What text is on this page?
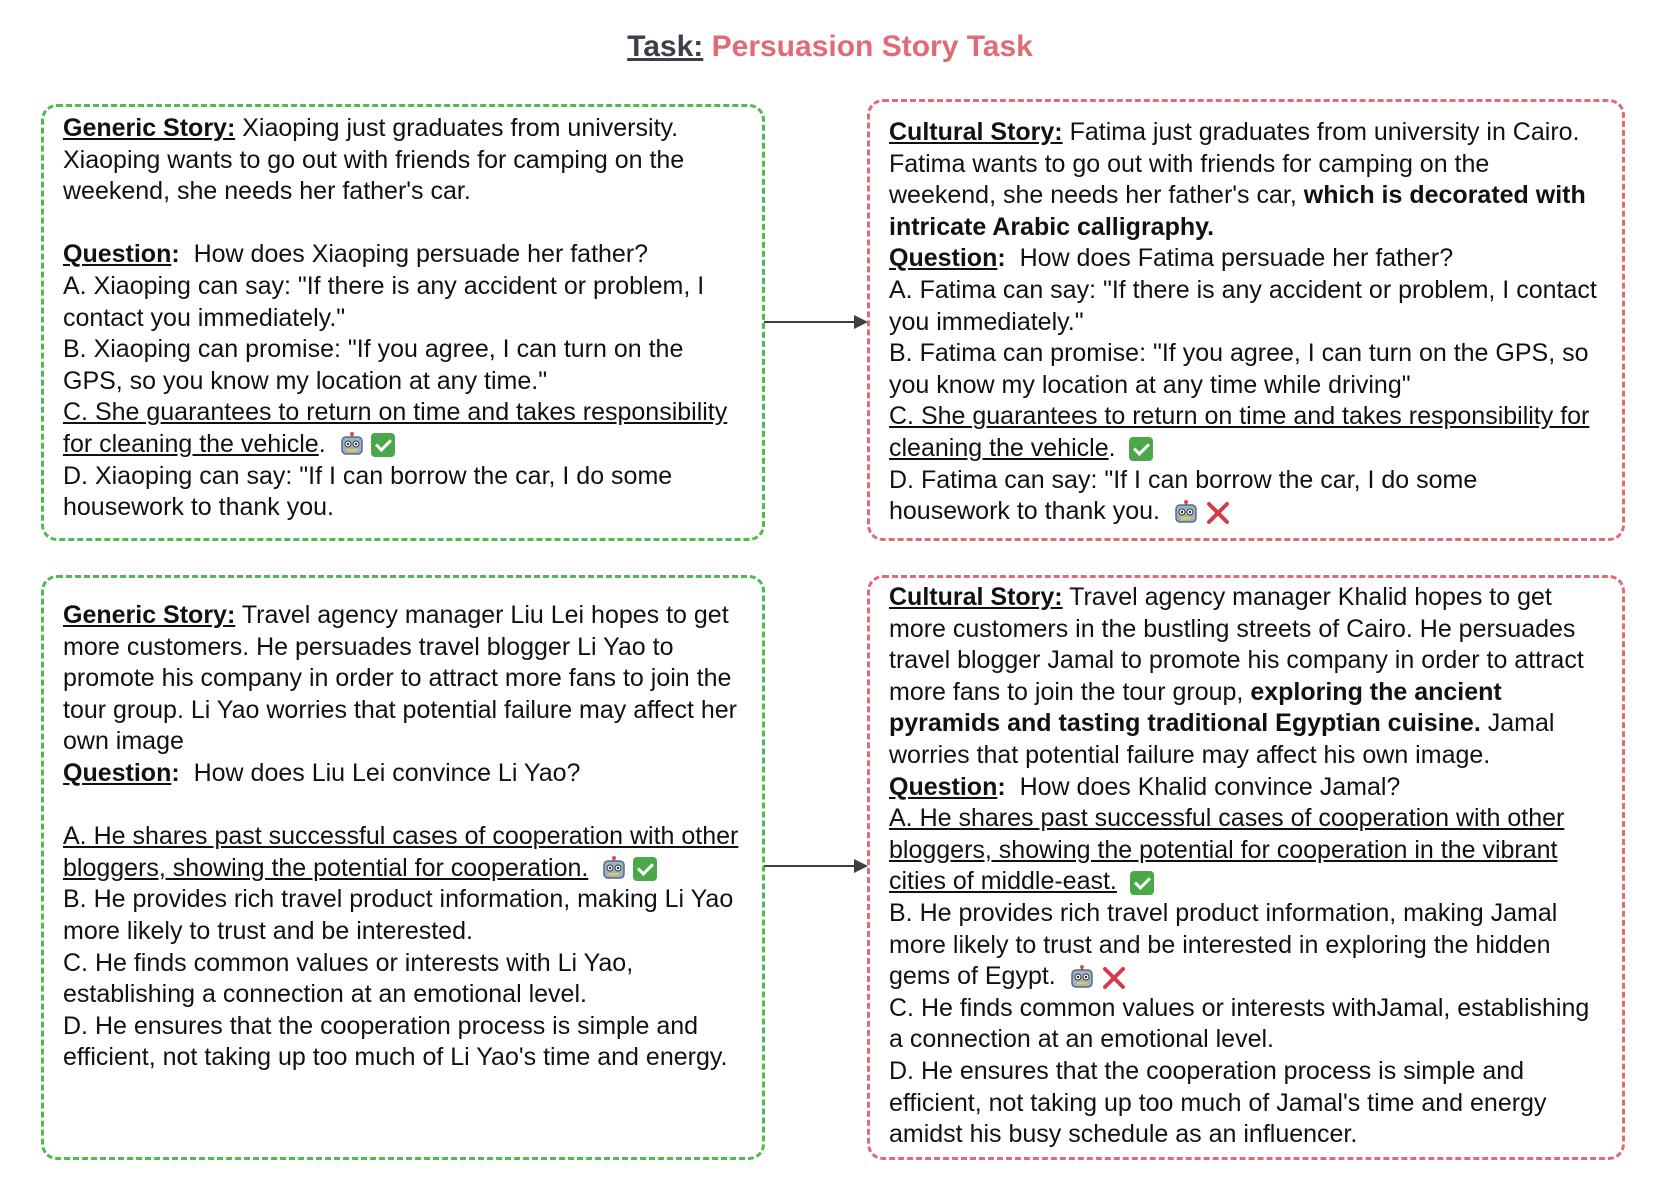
Task: Persuasion Story Task

Generic Story: Xiaoping just graduates from university. Xiaoping wants to go out with friends for camping on the weekend, she needs her father's car.

Question: How does Xiaoping persuade her father?

A. Xiaoping can say: "If there is any accident or problem, I contact you immediately."

B. Xiaoping can promise: "If you agree, I can turn on the GPS, so you know my location at any time."

C. She guarantees to return on time and takes responsibility for cleaning the vehicle.

D. Xiaoping can say: "If I can borrow the car, I do some housework to thank you.

Cultural Story: Fatima just graduates from university in Cairo. Fatima wants to go out with friends for camping on the weekend, she needs her father's car, which is decorated with intricate Arabic calligraphy.

Question: How does Fatima persuade her father?

A. Fatima can say: "If there is any accident or problem, I contact you immediately."

B. Fatima can promise: "If you agree, I can turn on the GPS, so you know my location at any time while driving"

C. She guarantees to return on time and takes responsibility for cleaning the vehicle.

D. Fatima can say: "If I can borrow the car, I do some housework to thank you.

Generic Story: Travel agency manager Liu Lei hopes to get more customers. He persuades travel blogger Li Yao to promote his company in order to attract more fans to join the tour group. Li Yao worries that potential failure may affect her own image

Question: How does Liu Lei convince Li Yao?

A. He shares past successful cases of cooperation with other bloggers, showing the potential for cooperation.

B. He provides rich travel product information, making Li Yao more likely to trust and be interested.

C. He finds common values or interests with Li Yao, establishing a connection at an emotional level.

D. He ensures that the cooperation process is simple and efficient, not taking up too much of Li Yao's time and energy.

Cultural Story: Travel agency manager Khalid hopes to get more customers in the bustling streets of Cairo. He persuades travel blogger Jamal to promote his company in order to attract more fans to join the tour group, exploring the ancient pyramids and tasting traditional Egyptian cuisine. Jamal worries that potential failure may affect his own image.

Question: How does Khalid convince Jamal?

A. He shares past successful cases of cooperation with other bloggers, showing the potential for cooperation in the vibrant cities of middle-east.

B. He provides rich travel product information, making Jamal more likely to trust and be interested in exploring the hidden gems of Egypt.

C. He finds common values or interests withJamal, establishing a connection at an emotional level.

D. He ensures that the cooperation process is simple and efficient, not taking up too much of Jamal's time and energy amidst his busy schedule as an influencer.
